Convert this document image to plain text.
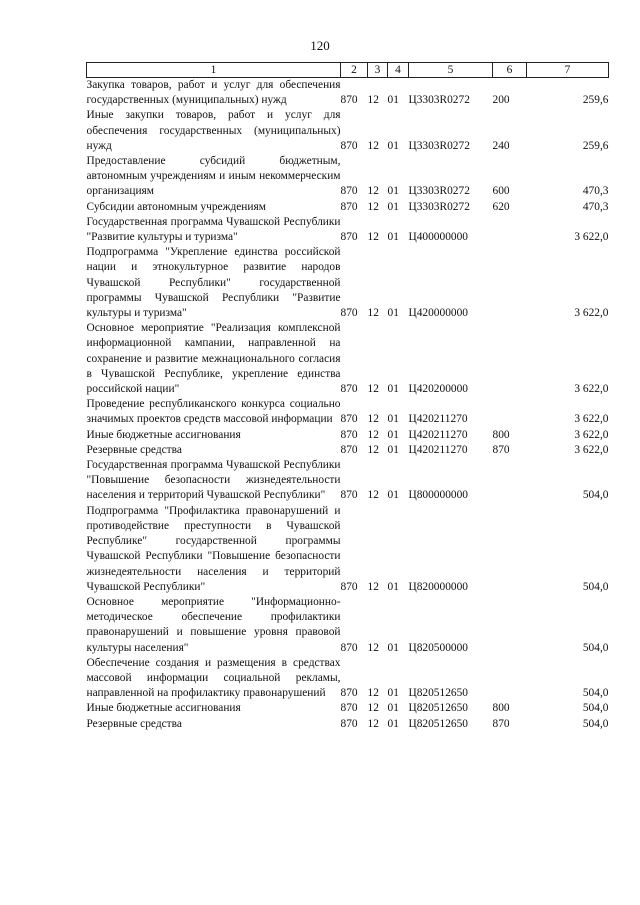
120
1	2	3	4	5	6	7
Закупка товаров, работ и услуг для обеспечения государственных (муниципальных) нужд	870	12	01	Ц3303R0272	200	259,6
Иные закупки товаров, работ и услуг для обеспечения государственных (муниципальных) нужд	870	12	01	Ц3303R0272	240	259,6
Предоставление субсидий бюджетным, автономным учреждениям и иным некоммерческим организациям	870	12	01	Ц3303R0272	600	470,3
Субсидии автономным учреждениям	870	12	01	Ц3303R0272	620	470,3
Государственная программа Чувашской Республики "Развитие культуры и туризма"	870	12	01	Ц400000000		3 622,0
Подпрограмма "Укрепление единства российской нации и этнокультурное развитие народов Чувашской Республики" государственной программы Чувашской Республики "Развитие культуры и туризма"	870	12	01	Ц420000000		3 622,0
Основное мероприятие "Реализация комплексной информационной кампании, направленной на сохранение и развитие межнационального согласия в Чувашской Республике, укрепление единства российской нации"	870	12	01	Ц420200000		3 622,0
Проведение республиканского конкурса социально значимых проектов средств массовой информации	870	12	01	Ц420211270		3 622,0
Иные бюджетные ассигнования	870	12	01	Ц420211270	800	3 622,0
Резервные средства	870	12	01	Ц420211270	870	3 622,0
Государственная программа Чувашской Республики "Повышение безопасности жизнедеятельности населения и территорий Чувашской Республики"	870	12	01	Ц800000000		504,0
Подпрограмма "Профилактика правонарушений и противодействие преступности в Чувашской Республике" государственной программы Чувашской Республики "Повышение безопасности жизнедеятельности населения и территорий Чувашской Республики"	870	12	01	Ц820000000		504,0
Основное мероприятие "Информационно-методическое обеспечение профилактики правонарушений и повышение уровня правовой культуры населения"	870	12	01	Ц820500000		504,0
Обеспечение создания и размещения в средствах массовой информации социальной рекламы, направленной на профилактику правонарушений	870	12	01	Ц820512650		504,0
Иные бюджетные ассигнования	870	12	01	Ц820512650	800	504,0
Резервные средства	870	12	01	Ц820512650	870	504,0
